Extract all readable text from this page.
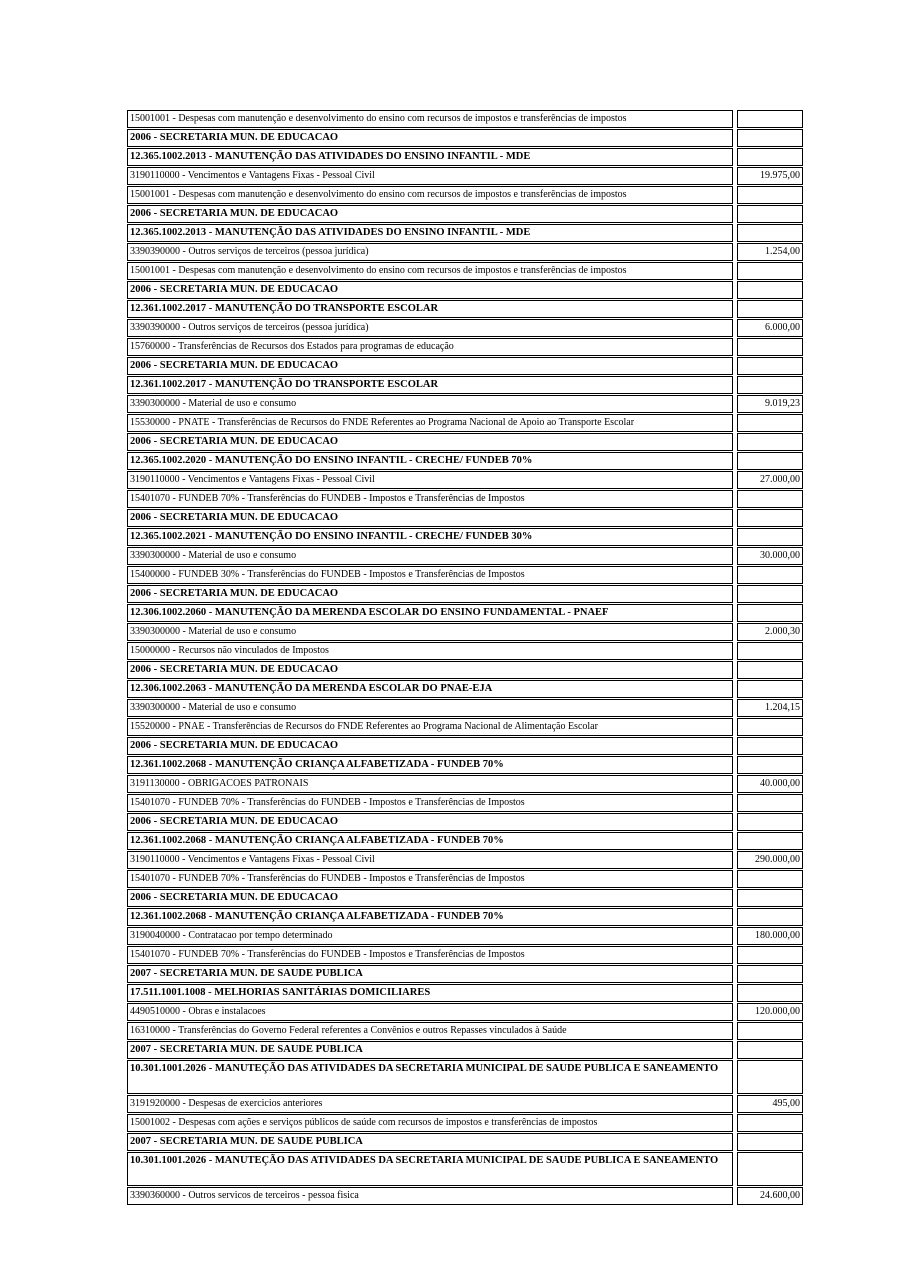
15001001 - Despesas com manutenção e desenvolvimento do ensino com recursos de impostos e transferências de impostos		
2006 - SECRETARIA MUN. DE EDUCACAO		
12.365.1002.2013 - MANUTENÇÃO DAS ATIVIDADES DO ENSINO INFANTIL - MDE		
3190110000 - Vencimentos e Vantagens Fixas - Pessoal Civil		19.975,00
15001001 - Despesas com manutenção e desenvolvimento do ensino com recursos de impostos e transferências de impostos		
2006 - SECRETARIA MUN. DE EDUCACAO		
12.365.1002.2013 - MANUTENÇÃO DAS ATIVIDADES DO ENSINO INFANTIL - MDE		
3390390000 - Outros serviços de terceiros (pessoa jurídica)		1.254,00
15001001 - Despesas com manutenção e desenvolvimento do ensino com recursos de impostos e transferências de impostos		
2006 - SECRETARIA MUN. DE EDUCACAO		
12.361.1002.2017 - MANUTENÇÃO DO TRANSPORTE ESCOLAR		
3390390000 - Outros serviços de terceiros (pessoa jurídica)		6.000,00
15760000 - Transferências de Recursos dos Estados para programas de educação		
2006 - SECRETARIA MUN. DE EDUCACAO		
12.361.1002.2017 - MANUTENÇÃO DO TRANSPORTE ESCOLAR		
3390300000 - Material de uso e consumo		9.019,23
15530000 - PNATE - Transferências de Recursos do FNDE Referentes ao Programa Nacional de Apoio ao Transporte Escolar		
2006 - SECRETARIA MUN. DE EDUCACAO		
12.365.1002.2020 - MANUTENÇÃO DO ENSINO INFANTIL - CRECHE/ FUNDEB 70%		
3190110000 - Vencimentos e Vantagens Fixas - Pessoal Civil		27.000,00
15401070 - FUNDEB 70% - Transferências do FUNDEB - Impostos e Transferências de Impostos		
2006 - SECRETARIA MUN. DE EDUCACAO		
12.365.1002.2021 - MANUTENÇÃO DO ENSINO INFANTIL - CRECHE/ FUNDEB 30%		
3390300000 - Material de uso e consumo		30.000,00
15400000 - FUNDEB 30% - Transferências do FUNDEB - Impostos e Transferências de Impostos		
2006 - SECRETARIA MUN. DE EDUCACAO		
12.306.1002.2060 - MANUTENÇÃO DA MERENDA ESCOLAR DO ENSINO FUNDAMENTAL - PNAEF		
3390300000 - Material de uso e consumo		2.000,30
15000000 - Recursos não vinculados de Impostos		
2006 - SECRETARIA MUN. DE EDUCACAO		
12.306.1002.2063 - MANUTENÇÃO DA MERENDA ESCOLAR DO PNAE-EJA		
3390300000 - Material de uso e consumo		1.204,15
15520000 - PNAE - Transferências de Recursos do FNDE Referentes ao Programa Nacional de Alimentação Escolar		
2006 - SECRETARIA MUN. DE EDUCACAO		
12.361.1002.2068 - MANUTENÇÃO CRIANÇA ALFABETIZADA - FUNDEB 70%		
3191130000 - OBRIGACOES PATRONAIS		40.000,00
15401070 - FUNDEB 70% - Transferências do FUNDEB - Impostos e Transferências de Impostos		
2006 - SECRETARIA MUN. DE EDUCACAO		
12.361.1002.2068 - MANUTENÇÃO CRIANÇA ALFABETIZADA - FUNDEB 70%		
3190110000 - Vencimentos e Vantagens Fixas - Pessoal Civil		290.000,00
15401070 - FUNDEB 70% - Transferências do FUNDEB - Impostos e Transferências de Impostos		
2006 - SECRETARIA MUN. DE EDUCACAO		
12.361.1002.2068 - MANUTENÇÃO CRIANÇA ALFABETIZADA - FUNDEB 70%		
3190040000 - Contratacao por tempo determinado		180.000,00
15401070 - FUNDEB 70% - Transferências do FUNDEB - Impostos e Transferências de Impostos		
2007 - SECRETARIA MUN. DE SAUDE PUBLICA		
17.511.1001.1008 - MELHORIAS SANITÁRIAS DOMICILIARES		
4490510000 - Obras e instalacoes		120.000,00
16310000 - Transferências do Governo Federal referentes a Convênios e outros Repasses vinculados à Saúde		
2007 - SECRETARIA MUN. DE SAUDE PUBLICA		
10.301.1001.2026 - MANUTEÇÃO DAS ATIVIDADES DA SECRETARIA MUNICIPAL DE SAUDE PUBLICA E SANEAMENTO		
3191920000 - Despesas de exercicios anteriores		495,00
15001002 - Despesas com ações e serviços públicos de saúde com recursos de impostos e transferências de impostos		
2007 - SECRETARIA MUN. DE SAUDE PUBLICA		
10.301.1001.2026 - MANUTEÇÃO DAS ATIVIDADES DA SECRETARIA MUNICIPAL DE SAUDE PUBLICA E SANEAMENTO		
3390360000 - Outros servicos de terceiros - pessoa fisica		24.600,00
